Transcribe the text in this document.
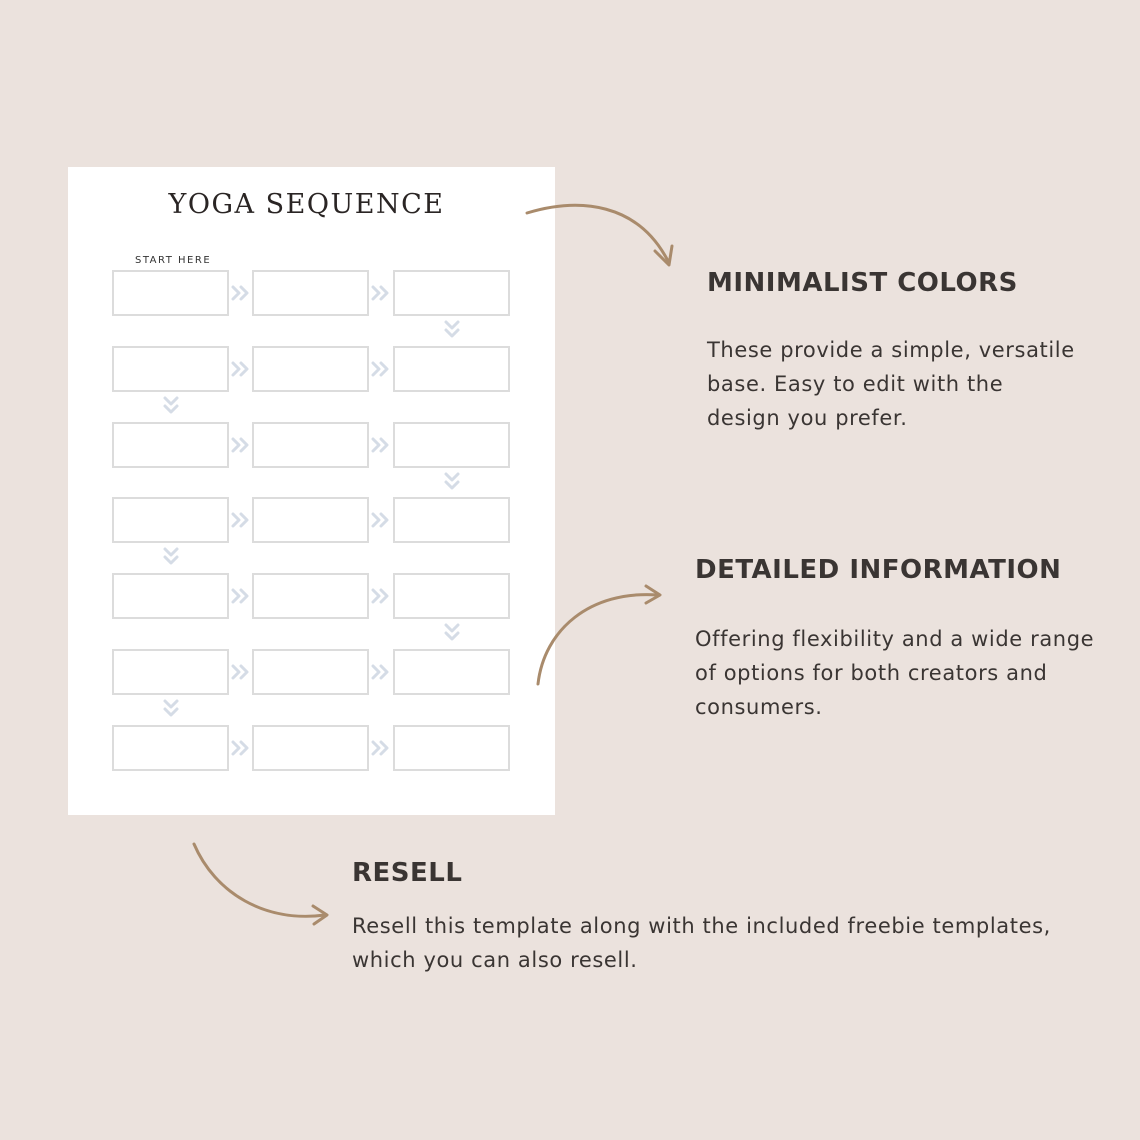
YOGA SEQUENCE
START HERE
MINIMALIST COLORS
These provide a simple, versatile base. Easy to edit with the design you prefer.
DETAILED INFORMATION
Offering flexibility and a wide range of options for both creators and consumers.
RESELL
Resell this template along with the included freebie templates, which you can also resell.
